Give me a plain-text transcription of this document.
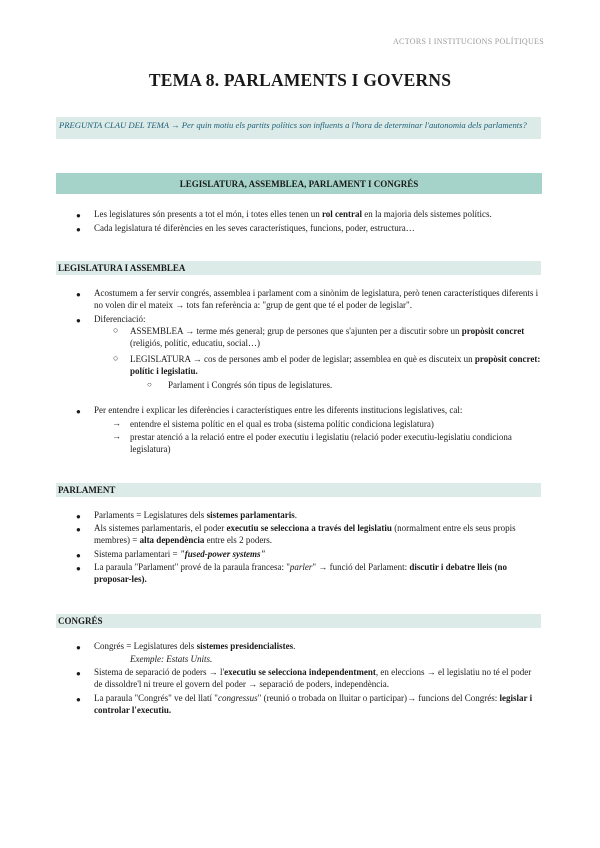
ACTORS I INSTITUCIONS POLÍTIQUES
TEMA 8. PARLAMENTS I GOVERNS
PREGUNTA CLAU DEL TEMA → Per quin motiu els partits polítics son influents a l'hora de determinar l'autonomia dels parlaments?
LEGISLATURA, ASSEMBLEA, PARLAMENT I CONGRÉS
● Les legislatures són presents a tot el món, i totes elles tenen un rol central en la majoria dels sistemes polítics.
● Cada legislatura té diferències en les seves característiques, funcions, poder, estructura…
LEGISLATURA I ASSEMBLEA
● Acostumem a fer servir congrés, assemblea i parlament com a sinònim de legislatura, però tenen característiques diferents i no volen dir el mateix → tots fan referència a: "grup de gent que té el poder de legislar".
● Diferenciació:
○ ASSEMBLEA → terme més general; grup de persones que s'ajunten per a discutir sobre un propòsit concret (religiós, polític, educatiu, social…)
○ LEGISLATURA → cos de persones amb el poder de legislar; assemblea en què es discuteix un propòsit concret: polític i legislatiu.
○ Parlament i Congrés són tipus de legislatures.
● Per entendre i explicar les diferències i característiques entre les diferents institucions legislatives, cal:
→ entendre el sistema polític en el qual es troba (sistema polític condiciona legislatura)
→ prestar atenció a la relació entre el poder executiu i legislatiu (relació poder executiu-legislatiu condiciona legislatura)
PARLAMENT
● Parlaments = Legislatures dels sistemes parlamentaris.
● Als sistemes parlamentaris, el poder executiu se selecciona a través del legislatiu (normalment entre els seus propis membres) = alta dependència entre els 2 poders.
● Sistema parlamentari = "fused-power systems"
● La paraula "Parlament" prové de la paraula francesa: "parler" → funció del Parlament: discutir i debatre lleis (no proposar-les).
CONGRÉS
● Congrés = Legislatures dels sistemes presidencialistes.
Exemple: Estats Units.
● Sistema de separació de poders → l'executiu se selecciona independentment, en eleccions → el legislatiu no té el poder de dissoldre'l ni treure el govern del poder → separació de poders, independència.
● La paraula "Congrés" ve del llatí "congressus" (reunió o trobada on lluitar o participar)→ funcions del Congrés: legislar i controlar l'executiu.
